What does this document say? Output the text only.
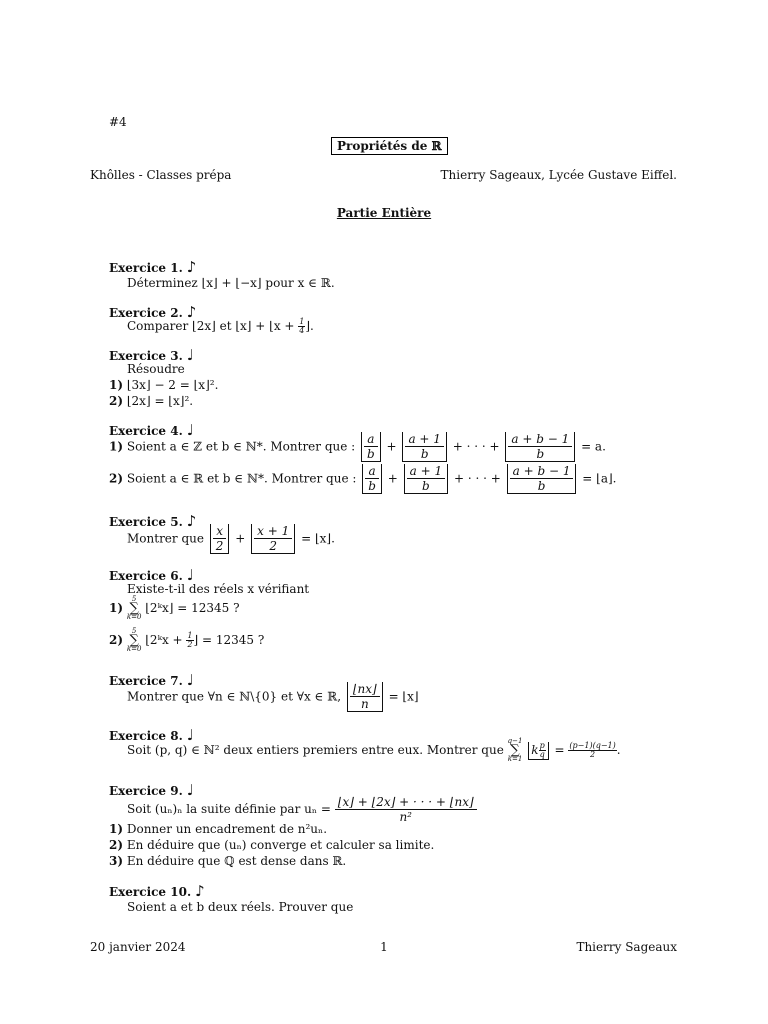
#4
Propriétés de ℝ
Khôlles - Classes prépa	Thierry Sageaux, Lycée Gustave Eiffel.
Partie Entière
Exercice 1. ♪
Déterminez ⌊x⌋ + ⌊−x⌋ pour x ∈ ℝ.
Exercice 2. ♪
Comparer ⌊2x⌋ et ⌊x⌋ + ⌊x + $\frac{1}{4}$ ⌋.
Exercice 3. ♩
Résoudre
1) ⌊3x⌋ − 2 = ⌊x⌋².
2) ⌊2x⌋ = ⌊x⌋².
Exercice 4. ♩
1) Soient a ∈ ℤ et b ∈ ℕ*. Montrer que : $\frac{a}{b} + \frac{a + 1}{b}$ + · · · + $\frac{a + b - 1}{b} = a$.
2) Soient a ∈ ℝ et b ∈ ℕ*. Montrer que : $\frac{a}{b} + \frac{a + 1}{b}$ + · · · + $\frac{a + b - 1}{b}$ = ⌊a⌋.
Exercice 5. ♪
Montrer que $\frac{x}{2} + \frac{x + 1}{2}$ = ⌊x⌋.
Exercice 6. ♩
Existe-t-il des réels x vérifiant
1)
5
∑
k=0
⌊2ᵏx⌋ = 12345 ?
2)
5
∑
k=0
⌊2ᵏx + $\frac{1}{2}$ ⌋ = 12345 ?
Exercice 7. ♩
Montrer que ∀n ∈ ℕ\{0} et ∀x ∈ ℝ, $\frac{⌊nx⌋}{n}$ = ⌊x⌋
Exercice 8. ♩
Soit (p, q) ∈ ℕ² deux entiers premiers entre eux. Montrer que
q−1
∑
k=1
k $\frac{p}{q} = \frac{(p-1)(q-1)}{2}$ .
Exercice 9. ♩
Soit (uₙ)ₙ la suite définie par $u_n = \frac{⌊x⌋ + ⌊2x⌋ + \cdot \cdot \cdot + ⌊nx⌋}{\text{n²}}$
1) Donner un encadrement de n²uₙ.
2) En déduire que (uₙ) converge et calculer sa limite.
3) En déduire que ℚ est dense dans ℝ.
Exercice 10. ♪
Soient a et b deux réels. Prouver que
20 janvier 2024	1	Thierry Sageaux
